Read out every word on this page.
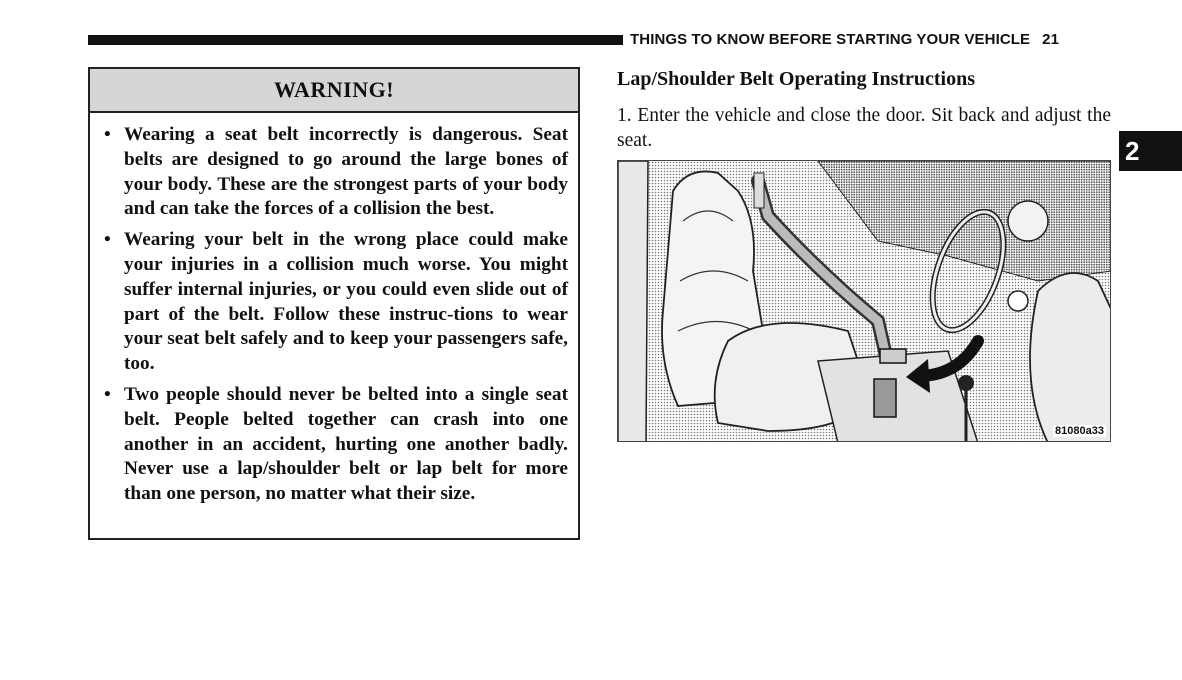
THINGS TO KNOW BEFORE STARTING YOUR VEHICLE 21
WARNING!
• Wearing a seat belt incorrectly is dangerous. Seat belts are designed to go around the large bones of your body. These are the strongest parts of your body and can take the forces of a collision the best.
• Wearing your belt in the wrong place could make your injuries in a collision much worse. You might suffer internal injuries, or you could even slide out of part of the belt. Follow these instruc-tions to wear your seat belt safely and to keep your passengers safe, too.
• Two people should never be belted into a single seat belt. People belted together can crash into one another in an accident, hurting one another badly. Never use a lap/shoulder belt or lap belt for more than one person, no matter what their size.
Lap/Shoulder Belt Operating Instructions
1. Enter the vehicle and close the door. Sit back and adjust the seat.
81080a33
2
